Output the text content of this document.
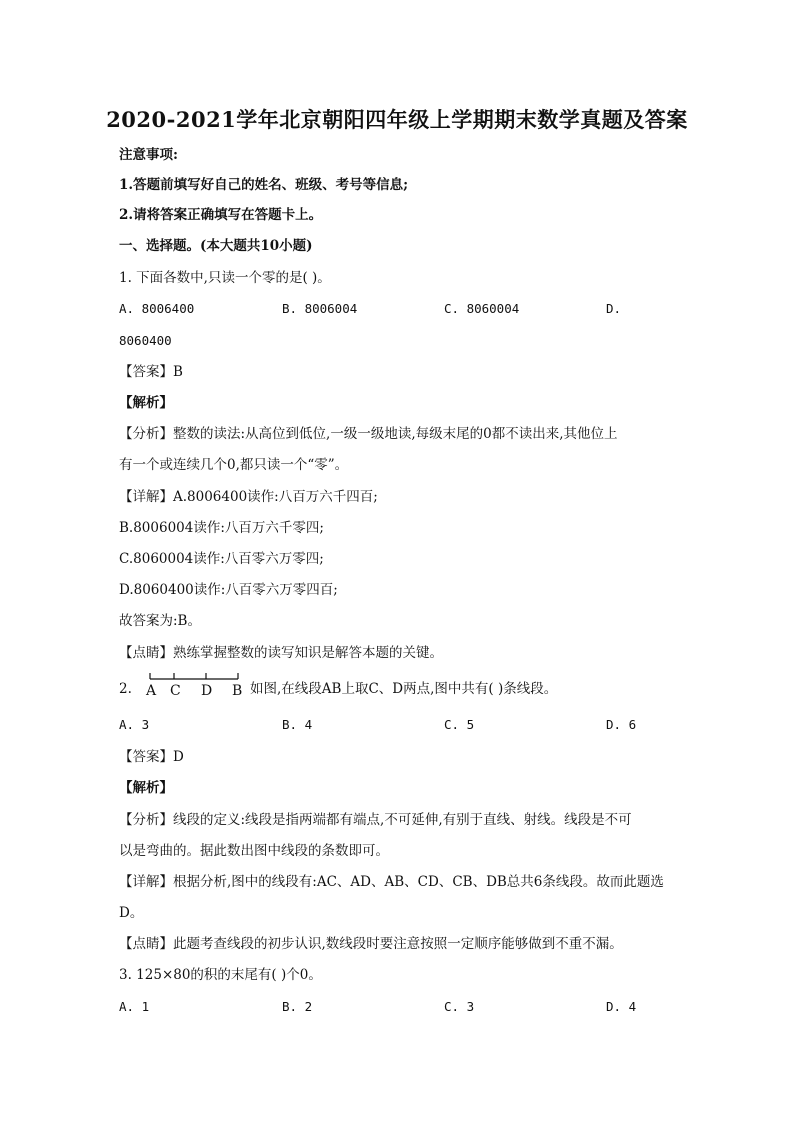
2020-2021学年北京朝阳四年级上学期期末数学真题及答案
注意事项:
1.答题前填写好自己的姓名、班级、考号等信息;
2.请将答案正确填写在答题卡上。
一、选择题。(本大题共10小题)
1. 下面各数中,只读一个零的是( )。
A. 8006400	B. 8006004	C. 8060004	D.
8060400
【答案】B
【解析】
【分析】整数的读法:从高位到低位,一级一级地读,每级末尾的0都不读出来,其他位上
有一个或连续几个0,都只读一个“零”。
【详解】A.8006400读作:八百万六千四百;
B.8006004读作:八百万六千零四;
C.8060004读作:八百零六万零四;
D.8060400读作:八百零六万零四百;
故答案为:B。
【点睛】熟练掌握整数的读写知识是解答本题的关键。
2. A C D B 如图,在线段AB上取C、D两点,图中共有( )条线段。
A. 3	B. 4	C. 5	D. 6
【答案】D
【解析】
【分析】线段的定义:线段是指两端都有端点,不可延伸,有别于直线、射线。线段是不可
以是弯曲的。据此数出图中线段的条数即可。
【详解】根据分析,图中的线段有:AC、AD、AB、CD、CB、DB总共6条线段。故而此题选
D。
【点睛】此题考查线段的初步认识,数线段时要注意按照一定顺序能够做到不重不漏。
3. 125×80的积的末尾有( )个0。
A. 1	B. 2	C. 3	D. 4
